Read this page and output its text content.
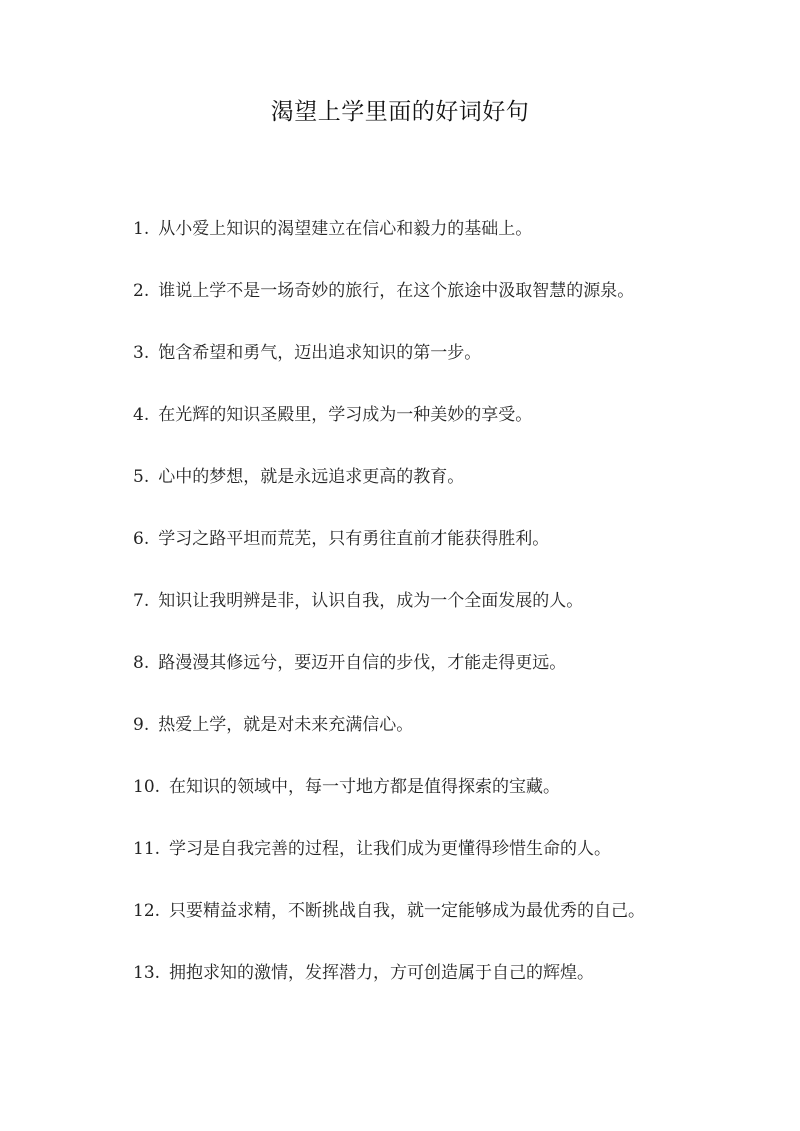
渴望上学里面的好词好句
1. 从小爱上知识的渴望建立在信心和毅力的基础上。
2. 谁说上学不是一场奇妙的旅行，在这个旅途中汲取智慧的源泉。
3. 饱含希望和勇气，迈出追求知识的第一步。
4. 在光辉的知识圣殿里，学习成为一种美妙的享受。
5. 心中的梦想，就是永远追求更高的教育。
6. 学习之路平坦而荒芜，只有勇往直前才能获得胜利。
7. 知识让我明辨是非，认识自我，成为一个全面发展的人。
8. 路漫漫其修远兮，要迈开自信的步伐，才能走得更远。
9. 热爱上学，就是对未来充满信心。
10. 在知识的领域中，每一寸地方都是值得探索的宝藏。
11. 学习是自我完善的过程，让我们成为更懂得珍惜生命的人。
12. 只要精益求精，不断挑战自我，就一定能够成为最优秀的自己。
13. 拥抱求知的激情，发挥潜力，方可创造属于自己的辉煌。
